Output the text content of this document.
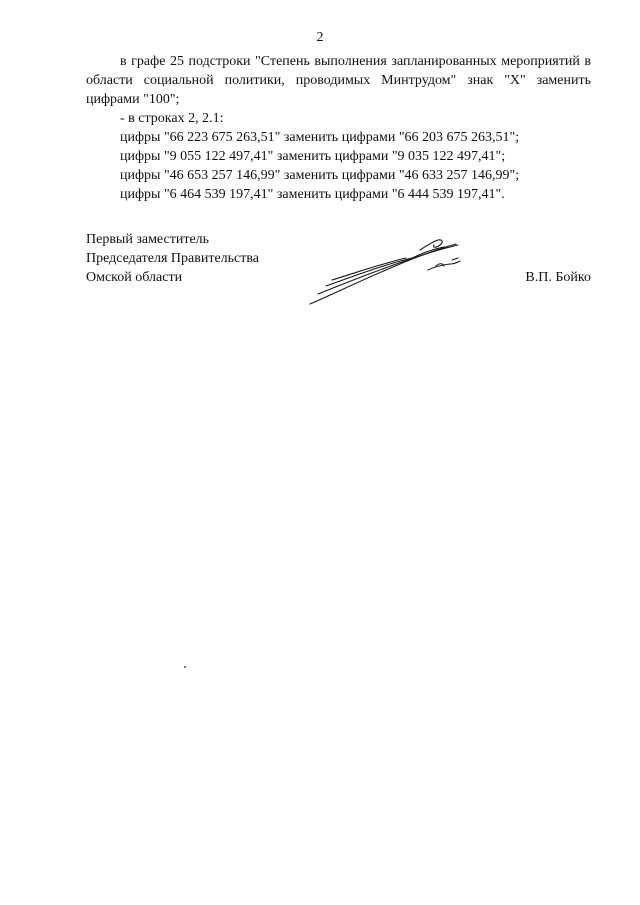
2

в графе 25 подстроки "Степень выполнения запланированных мероприятий в области социальной политики, проводимых Минтрудом" знак "Х" заменить цифрами "100";

- в строках 2, 2.1:

цифры "66 223 675 263,51" заменить цифрами "66 203 675 263,51";

цифры "9 055 122 497,41" заменить цифрами "9 035 122 497,41";

цифры "46 653 257 146,99" заменить цифрами "46 633 257 146,99";

цифры "6 464 539 197,41" заменить цифрами "6 444 539 197,41".

Первый заместитель
Председателя Правительства
Омской области	В.П. Бойко
